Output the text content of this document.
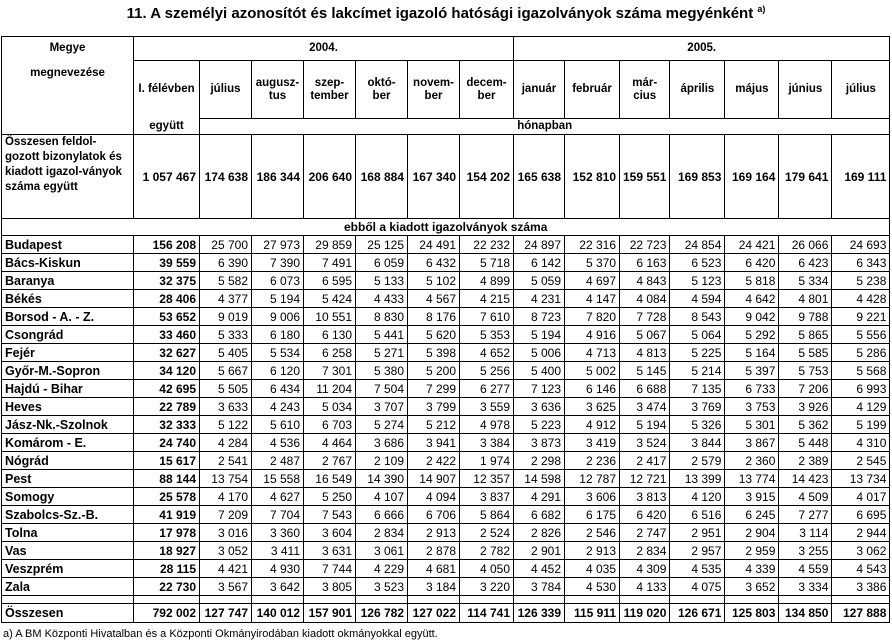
11. A személyi azonosítót és lakcímet igazoló hatósági igazolványok száma megyénként $^{a)}$
Megye	2004.							2005.						
megnevezése	I. félévben	július	augusz-tus	szep-tember	októ-ber	novem-ber	decem-ber	január	február	már-cius	április	május	június	július
	együtt	hónapban												
Összesen feldol-gozott bizonylatok és kiadott igazol-ványok száma együtt	1 057 467	174 638	186 344	206 640	168 884	167 340	154 202	165 638	152 810	159 551	169 853	169 164	179 641	169 111
ebből a kiadott igazolványok száma														
Budapest	156 208	25 700	27 973	29 859	25 125	24 491	22 232	24 897	22 316	22 723	24 854	24 421	26 066	24 693
Bács-Kiskun	39 559	6 390	7 390	7 491	6 059	6 432	5 718	6 142	5 370	6 163	6 523	6 420	6 423	6 343
Baranya	32 375	5 582	6 073	6 595	5 133	5 102	4 899	5 059	4 697	4 843	5 123	5 818	5 334	5 238
Békés	28 406	4 377	5 194	5 424	4 433	4 567	4 215	4 231	4 147	4 084	4 594	4 642	4 801	4 428
Borsod - A. - Z.	53 652	9 019	9 006	10 551	8 830	8 176	7 610	8 723	7 820	7 728	8 543	9 042	9 788	9 221
Csongrád	33 460	5 333	6 180	6 130	5 441	5 620	5 353	5 194	4 916	5 067	5 064	5 292	5 865	5 556
Fejér	32 627	5 405	5 534	6 258	5 271	5 398	4 652	5 006	4 713	4 813	5 225	5 164	5 585	5 286
Győr-M.-Sopron	34 120	5 667	6 120	7 301	5 380	5 200	5 256	5 400	5 002	5 145	5 214	5 397	5 753	5 568
Hajdú - Bihar	42 695	5 505	6 434	11 204	7 504	7 299	6 277	7 123	6 146	6 688	7 135	6 733	7 206	6 993
Heves	22 789	3 633	4 243	5 034	3 707	3 799	3 559	3 636	3 625	3 474	3 769	3 753	3 926	4 129
Jász-Nk.-Szolnok	32 333	5 122	5 610	6 703	5 274	5 212	4 978	5 223	4 912	5 194	5 326	5 301	5 362	5 199
Komárom - E.	24 740	4 284	4 536	4 464	3 686	3 941	3 384	3 873	3 419	3 524	3 844	3 867	5 448	4 310
Nógrád	15 617	2 541	2 487	2 767	2 109	2 422	1 974	2 298	2 236	2 417	2 579	2 360	2 389	2 545
Pest	88 144	13 754	15 558	16 549	14 390	14 907	12 357	14 598	12 787	12 721	13 399	13 774	14 423	13 734
Somogy	25 578	4 170	4 627	5 250	4 107	4 094	3 837	4 291	3 606	3 813	4 120	3 915	4 509	4 017
Szabolcs-Sz.-B.	41 919	7 209	7 704	7 543	6 666	6 706	5 864	6 682	6 175	6 420	6 516	6 245	7 277	6 695
Tolna	17 978	3 016	3 360	3 604	2 834	2 913	2 524	2 826	2 546	2 747	2 951	2 904	3 114	2 944
Vas	18 927	3 052	3 411	3 631	3 061	2 878	2 782	2 901	2 913	2 834	2 957	2 959	3 255	3 062
Veszprém	28 115	4 421	4 930	7 744	4 229	4 681	4 050	4 452	4 035	4 309	4 535	4 339	4 559	4 543
Zala	22 730	3 567	3 642	3 805	3 523	3 184	3 220	3 784	4 530	4 133	4 075	3 652	3 334	3 386

Összesen	792 002	127 747	140 012	157 901	126 782	127 022	114 741	126 339	115 911	119 020	126 671	125 803	134 850	127 888
a) A BM Központi Hivatalban és a Központi Okmányirodában kiadott okmányokkal együtt.
